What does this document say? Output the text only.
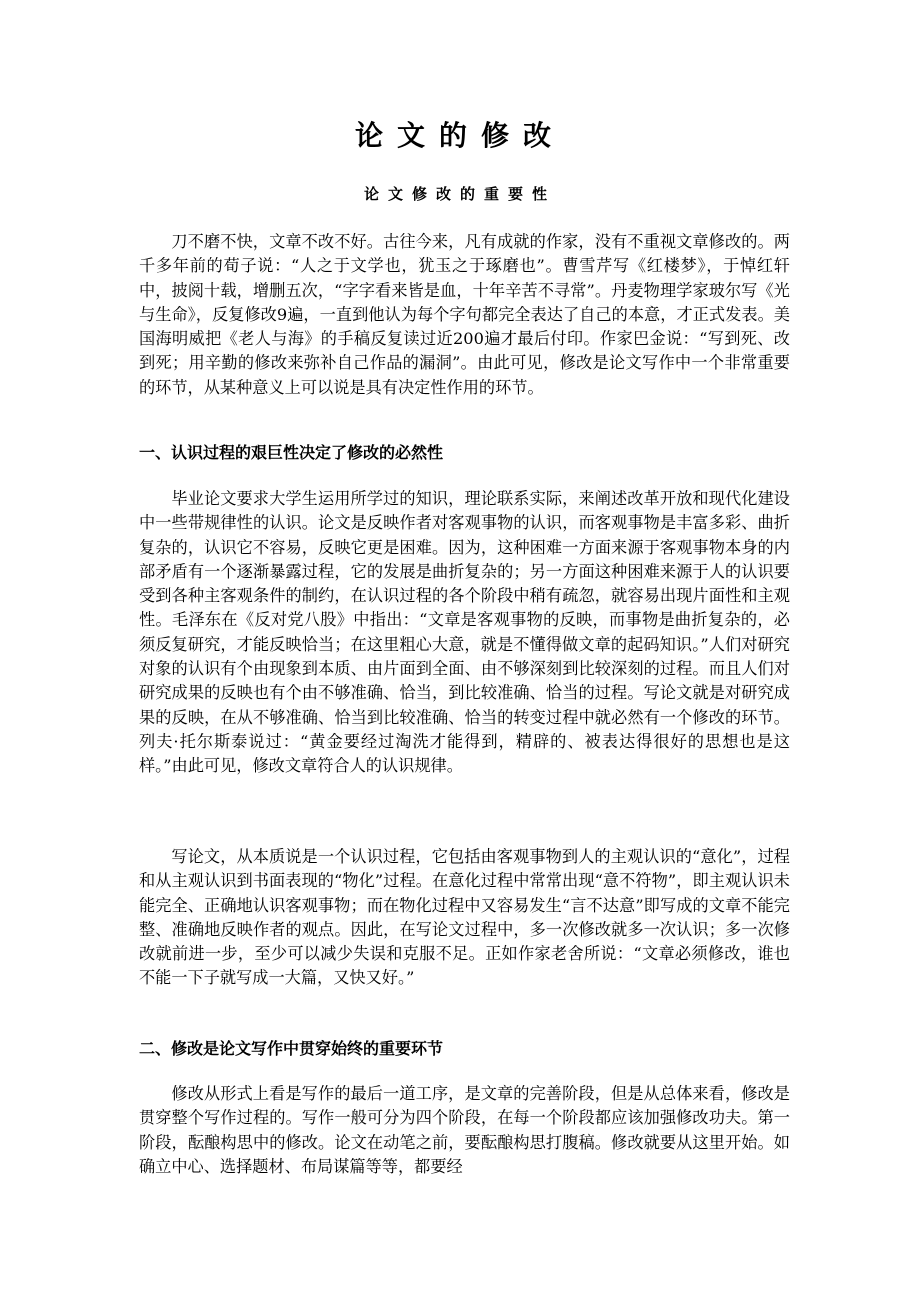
论文的修改
论文修改的重要性

刀不磨不快，文章不改不好。古往今来，凡有成就的作家，没有不重视文章修改的。两千多年前的荀子说：“人之于文学也，犹玉之于琢磨也”。曹雪芹写《红楼梦》，于悼红轩中，披阅十载，增删五次，“字字看来皆是血，十年辛苦不寻常”。丹麦物理学家玻尔写《光与生命》，反复修改9遍，一直到他认为每个字句都完全表达了自己的本意，才正式发表。美国海明威把《老人与海》的手稿反复读过近200遍才最后付印。作家巴金说：“写到死、改到死；用辛勤的修改来弥补自己作品的漏洞”。由此可见，修改是论文写作中一个非常重要的环节，从某种意义上可以说是具有决定性作用的环节。

一、认识过程的艰巨性决定了修改的必然性

毕业论文要求大学生运用所学过的知识，理论联系实际，来阐述改革开放和现代化建设中一些带规律性的认识。论文是反映作者对客观事物的认识，而客观事物是丰富多彩、曲折复杂的，认识它不容易，反映它更是困难。因为，这种困难一方面来源于客观事物本身的内部矛盾有一个逐渐暴露过程，它的发展是曲折复杂的；另一方面这种困难来源于人的认识要受到各种主客观条件的制约，在认识过程的各个阶段中稍有疏忽，就容易出现片面性和主观性。毛泽东在《反对党八股》中指出：“文章是客观事物的反映，而事物是曲折复杂的，必须反复研究，才能反映恰当；在这里粗心大意，就是不懂得做文章的起码知识。”人们对研究对象的认识有个由现象到本质、由片面到全面、由不够深刻到比较深刻的过程。而且人们对研究成果的反映也有个由不够准确、恰当，到比较准确、恰当的过程。写论文就是对研究成果的反映，在从不够准确、恰当到比较准确、恰当的转变过程中就必然有一个修改的环节。列夫·托尔斯泰说过：“黄金要经过淘洗才能得到，精辟的、被表达得很好的思想也是这样。”由此可见，修改文章符合人的认识规律。

写论文，从本质说是一个认识过程，它包括由客观事物到人的主观认识的“意化”，过程和从主观认识到书面表现的“物化”过程。在意化过程中常常出现“意不符物”，即主观认识未能完全、正确地认识客观事物；而在物化过程中又容易发生“言不达意”即写成的文章不能完整、准确地反映作者的观点。因此，在写论文过程中，多一次修改就多一次认识；多一次修改就前进一步，至少可以减少失误和克服不足。正如作家老舍所说：“文章必须修改，谁也不能一下子就写成一大篇，又快又好。”

二、修改是论文写作中贯穿始终的重要环节

修改从形式上看是写作的最后一道工序，是文章的完善阶段，但是从总体来看，修改是贯穿整个写作过程的。写作一般可分为四个阶段，在每一个阶段都应该加强修改功夫。第一阶段，酝酿构思中的修改。论文在动笔之前，要酝酿构思打腹稿。修改就要从这里开始。如确立中心、选择题材、布局谋篇等等，都要经
